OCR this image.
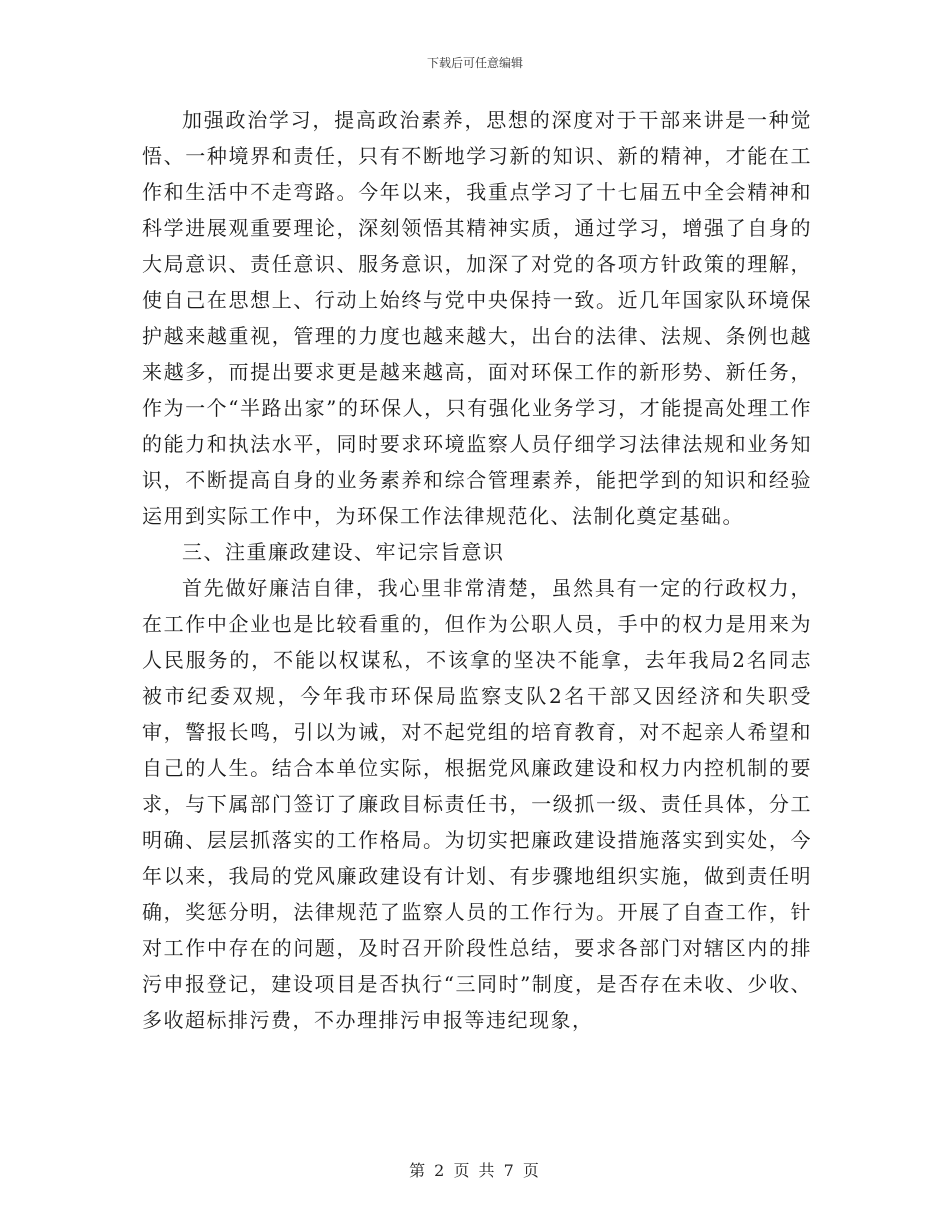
下载后可任意编辑

加强政治学习，提高政治素养，思想的深度对于干部来讲是一种觉悟、一种境界和责任，只有不断地学习新的知识、新的精神，才能在工作和生活中不走弯路。今年以来，我重点学习了十七届五中全会精神和科学进展观重要理论，深刻领悟其精神实质，通过学习，增强了自身的大局意识、责任意识、服务意识，加深了对党的各项方针政策的理解，使自己在思想上、行动上始终与党中央保持一致。近几年国家队环境保护越来越重视，管理的力度也越来越大，出台的法律、法规、条例也越来越多，而提出要求更是越来越高，面对环保工作的新形势、新任务，作为一个“半路出家”的环保人，只有强化业务学习，才能提高处理工作的能力和执法水平，同时要求环境监察人员仔细学习法律法规和业务知识，不断提高自身的业务素养和综合管理素养，能把学到的知识和经验运用到实际工作中，为环保工作法律规范化、法制化奠定基础。

三、注重廉政建设、牢记宗旨意识

首先做好廉洁自律，我心里非常清楚，虽然具有一定的行政权力，在工作中企业也是比较看重的，但作为公职人员，手中的权力是用来为人民服务的，不能以权谋私，不该拿的坚决不能拿，去年我局2名同志被市纪委双规，今年我市环保局监察支队2名干部又因经济和失职受审，警报长鸣，引以为诫，对不起党组的培育教育，对不起亲人希望和自己的人生。结合本单位实际，根据党风廉政建设和权力内控机制的要求，与下属部门签订了廉政目标责任书，一级抓一级、责任具体，分工明确、层层抓落实的工作格局。为切实把廉政建设措施落实到实处，今年以来，我局的党风廉政建设有计划、有步骤地组织实施，做到责任明确，奖惩分明，法律规范了监察人员的工作行为。开展了自查工作，针对工作中存在的问题，及时召开阶段性总结，要求各部门对辖区内的排污申报登记，建设项目是否执行“三同时”制度，是否存在未收、少收、多收超标排污费，不办理排污申报等违纪现象，

第 2 页 共 7 页
